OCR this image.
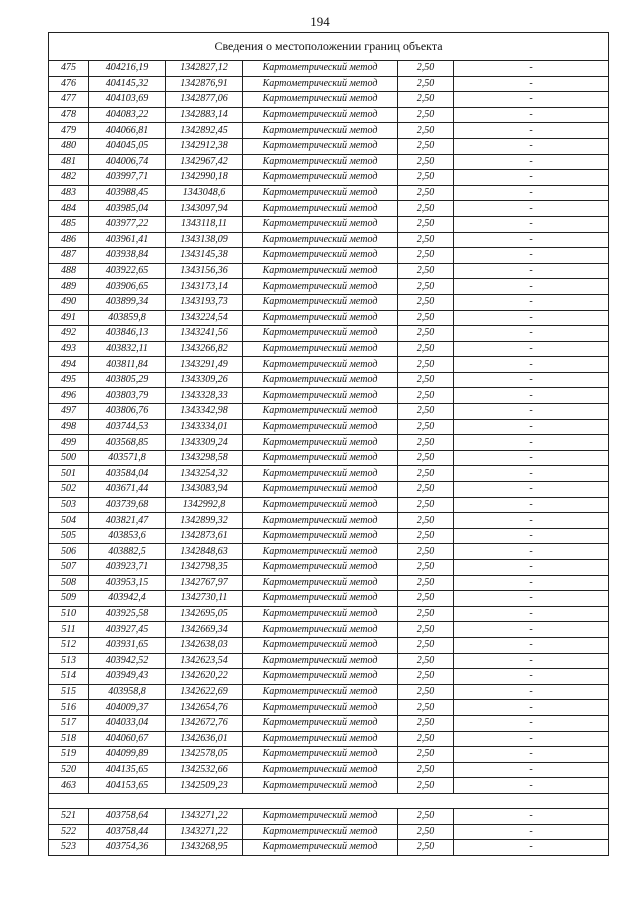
194
Сведения о местоположении границ объекта					
475	404216,19	1342827,12	Картометрический метод	2,50	-
476	404145,32	1342876,91	Картометрический метод	2,50	-
477	404103,69	1342877,06	Картометрический метод	2,50	-
478	404083,22	1342883,14	Картометрический метод	2,50	-
479	404066,81	1342892,45	Картометрический метод	2,50	-
480	404045,05	1342912,38	Картометрический метод	2,50	-
481	404006,74	1342967,42	Картометрический метод	2,50	-
482	403997,71	1342990,18	Картометрический метод	2,50	-
483	403988,45	1343048,6	Картометрический метод	2,50	-
484	403985,04	1343097,94	Картометрический метод	2,50	-
485	403977,22	1343118,11	Картометрический метод	2,50	-
486	403961,41	1343138,09	Картометрический метод	2,50	-
487	403938,84	1343145,38	Картометрический метод	2,50	-
488	403922,65	1343156,36	Картометрический метод	2,50	-
489	403906,65	1343173,14	Картометрический метод	2,50	-
490	403899,34	1343193,73	Картометрический метод	2,50	-
491	403859,8	1343224,54	Картометрический метод	2,50	-
492	403846,13	1343241,56	Картометрический метод	2,50	-
493	403832,11	1343266,82	Картометрический метод	2,50	-
494	403811,84	1343291,49	Картометрический метод	2,50	-
495	403805,29	1343309,26	Картометрический метод	2,50	-
496	403803,79	1343328,33	Картометрический метод	2,50	-
497	403806,76	1343342,98	Картометрический метод	2,50	-
498	403744,53	1343334,01	Картометрический метод	2,50	-
499	403568,85	1343309,24	Картометрический метод	2,50	-
500	403571,8	1343298,58	Картометрический метод	2,50	-
501	403584,04	1343254,32	Картометрический метод	2,50	-
502	403671,44	1343083,94	Картометрический метод	2,50	-
503	403739,68	1342992,8	Картометрический метод	2,50	-
504	403821,47	1342899,32	Картометрический метод	2,50	-
505	403853,6	1342873,61	Картометрический метод	2,50	-
506	403882,5	1342848,63	Картометрический метод	2,50	-
507	403923,71	1342798,35	Картометрический метод	2,50	-
508	403953,15	1342767,97	Картометрический метод	2,50	-
509	403942,4	1342730,11	Картометрический метод	2,50	-
510	403925,58	1342695,05	Картометрический метод	2,50	-
511	403927,45	1342669,34	Картометрический метод	2,50	-
512	403931,65	1342638,03	Картометрический метод	2,50	-
513	403942,52	1342623,54	Картометрический метод	2,50	-
514	403949,43	1342620,22	Картометрический метод	2,50	-
515	403958,8	1342622,69	Картометрический метод	2,50	-
516	404009,37	1342654,76	Картометрический метод	2,50	-
517	404033,04	1342672,76	Картометрический метод	2,50	-
518	404060,67	1342636,01	Картометрический метод	2,50	-
519	404099,89	1342578,05	Картометрический метод	2,50	-
520	404135,65	1342532,66	Картометрический метод	2,50	-
463	404153,65	1342509,23	Картометрический метод	2,50	-

521	403758,64	1343271,22	Картометрический метод	2,50	-
522	403758,44	1343271,22	Картометрический метод	2,50	-
523	403754,36	1343268,95	Картометрический метод	2,50	-
